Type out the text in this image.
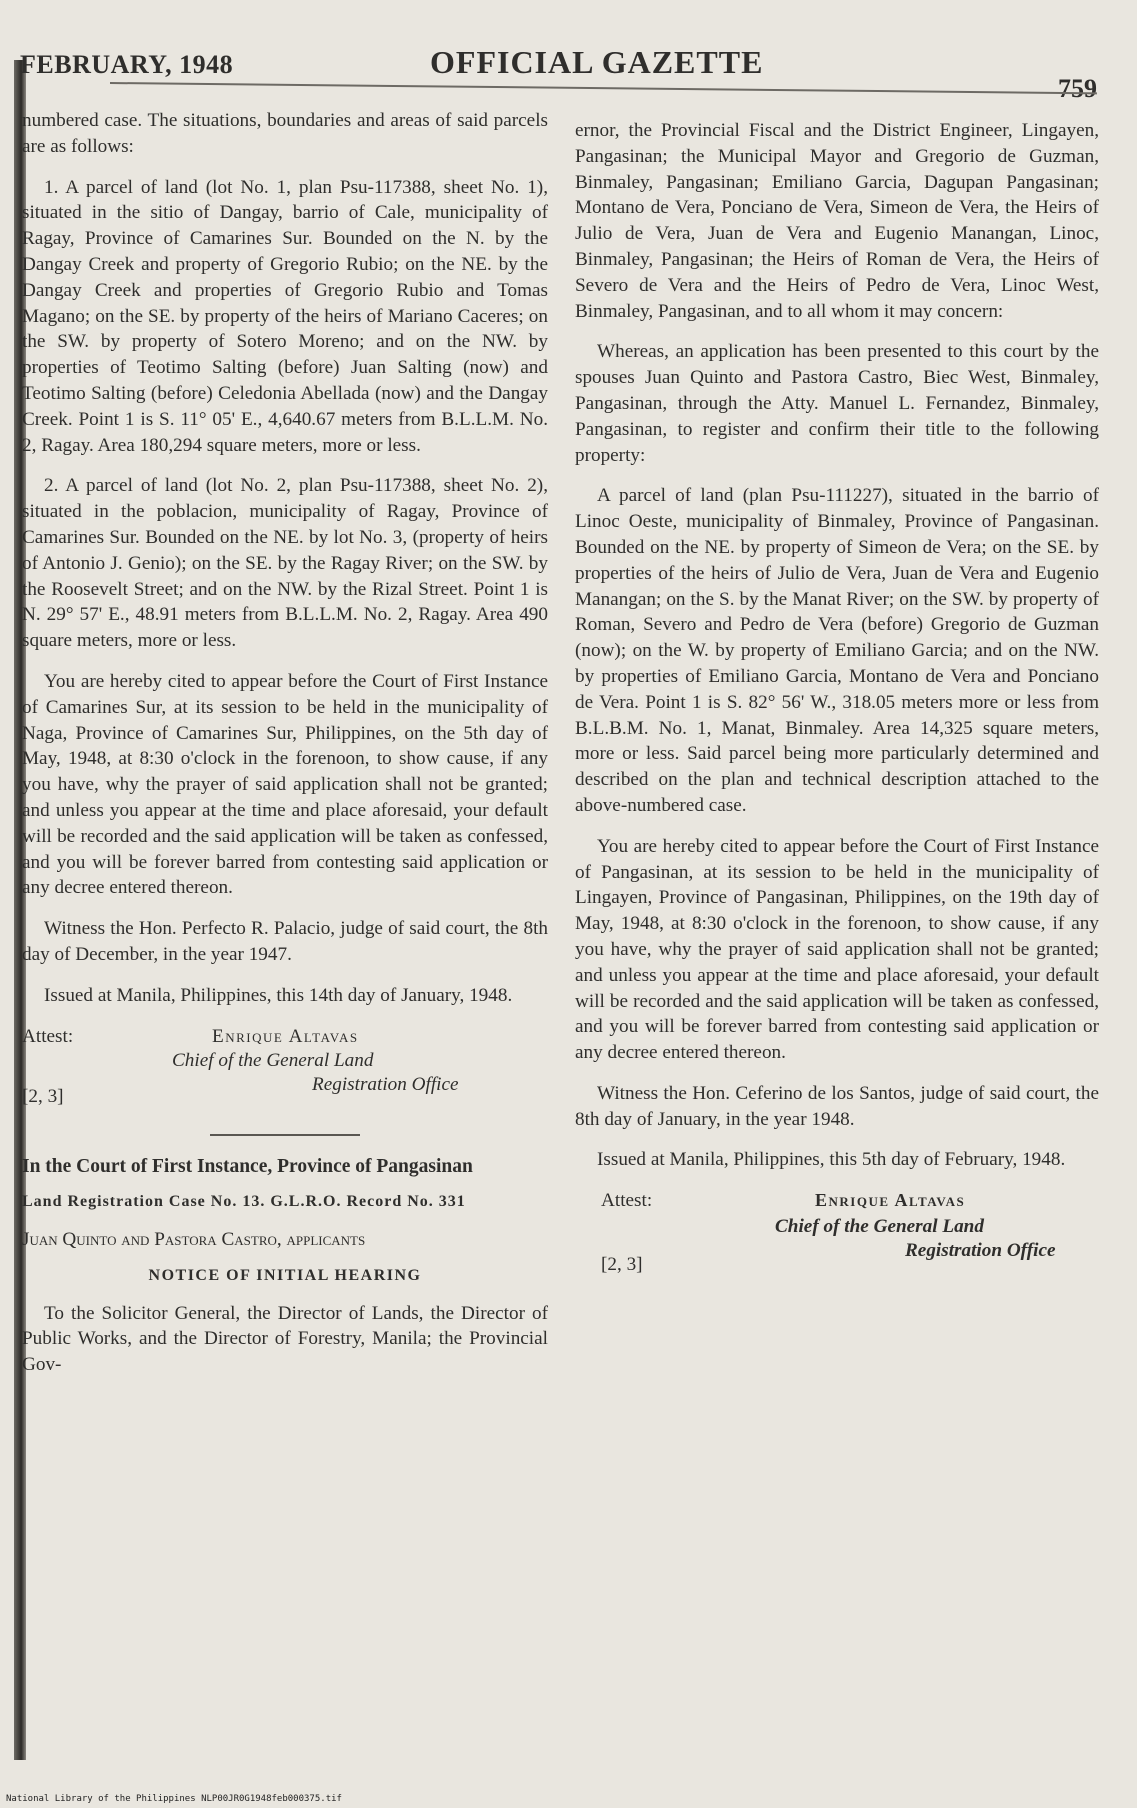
FEBRUARY, 1948	OFFICIAL GAZETTE
759

numbered case. The situations, boundaries and areas of said parcels are as follows:

1. A parcel of land (lot No. 1, plan Psu-117388, sheet No. 1), situated in the sitio of Dangay, barrio of Cale, municipality of Ragay, Province of Camarines Sur. Bounded on the N. by the Dangay Creek and property of Gregorio Rubio; on the NE. by the Dangay Creek and properties of Gregorio Rubio and Tomas Magano; on the SE. by property of the heirs of Mariano Caceres; on the SW. by property of Sotero Moreno; and on the NW. by properties of Teotimo Salting (before) Juan Salting (now) and Teotimo Salting (before) Celedonia Abellada (now) and the Dangay Creek. Point 1 is S. 11° 05' E., 4,640.67 meters from B.L.L.M. No. 2, Ragay. Area 180,294 square meters, more or less.

2. A parcel of land (lot No. 2, plan Psu-117388, sheet No. 2), situated in the poblacion, municipality of Ragay, Province of Camarines Sur. Bounded on the NE. by lot No. 3, (property of heirs of Antonio J. Genio); on the SE. by the Ragay River; on the SW. by the Roosevelt Street; and on the NW. by the Rizal Street. Point 1 is N. 29° 57' E., 48.91 meters from B.L.L.M. No. 2, Ragay. Area 490 square meters, more or less.

You are hereby cited to appear before the Court of First Instance of Camarines Sur, at its session to be held in the municipality of Naga, Province of Camarines Sur, Philippines, on the 5th day of May, 1948, at 8:30 o'clock in the forenoon, to show cause, if any you have, why the prayer of said application shall not be granted; and unless you appear at the time and place aforesaid, your default will be recorded and the said application will be taken as confessed, and you will be forever barred from contesting said application or any decree entered thereon.

Witness the Hon. Perfecto R. Palacio, judge of said court, the 8th day of December, in the year 1947.

Issued at Manila, Philippines, this 14th day of January, 1948.

Attest:	Enrique Altavas
Chief of the General Land
Registration Office
[2, 3]
In the Court of First Instance, Province of Pangasinan
Land Registration Case No. 13. G.L.R.O. Record No. 331
Juan Quinto and Pastora Castro, applicants
NOTICE OF INITIAL HEARING

To the Solicitor General, the Director of Lands, the Director of Public Works, and the Director of Forestry, Manila; the Provincial Gov-

ernor, the Provincial Fiscal and the District Engineer, Lingayen, Pangasinan; the Municipal Mayor and Gregorio de Guzman, Binmaley, Pangasinan; Emiliano Garcia, Dagupan Pangasinan; Montano de Vera, Ponciano de Vera, Simeon de Vera, the Heirs of Julio de Vera, Juan de Vera and Eugenio Manangan, Linoc, Binmaley, Pangasinan; the Heirs of Roman de Vera, the Heirs of Severo de Vera and the Heirs of Pedro de Vera, Linoc West, Binmaley, Pangasinan, and to all whom it may concern:

Whereas, an application has been presented to this court by the spouses Juan Quinto and Pastora Castro, Biec West, Binmaley, Pangasinan, through the Atty. Manuel L. Fernandez, Binmaley, Pangasinan, to register and confirm their title to the following property:

A parcel of land (plan Psu-111227), situated in the barrio of Linoc Oeste, municipality of Binmaley, Province of Pangasinan. Bounded on the NE. by property of Simeon de Vera; on the SE. by properties of the heirs of Julio de Vera, Juan de Vera and Eugenio Manangan; on the S. by the Manat River; on the SW. by property of Roman, Severo and Pedro de Vera (before) Gregorio de Guzman (now); on the W. by property of Emiliano Garcia; and on the NW. by properties of Emiliano Garcia, Montano de Vera and Ponciano de Vera. Point 1 is S. 82° 56' W., 318.05 meters more or less from B.L.B.M. No. 1, Manat, Binmaley. Area 14,325 square meters, more or less. Said parcel being more particularly determined and described on the plan and technical description attached to the above-numbered case.

You are hereby cited to appear before the Court of First Instance of Pangasinan, at its session to be held in the municipality of Lingayen, Province of Pangasinan, Philippines, on the 19th day of May, 1948, at 8:30 o'clock in the forenoon, to show cause, if any you have, why the prayer of said application shall not be granted; and unless you appear at the time and place aforesaid, your default will be recorded and the said application will be taken as confessed, and you will be forever barred from contesting said application or any decree entered thereon.

Witness the Hon. Ceferino de los Santos, judge of said court, the 8th day of January, in the year 1948.

Issued at Manila, Philippines, this 5th day of February, 1948.

Attest:	Enrique Altavas
Chief of the General Land
Registration Office
[2, 3]
National Library of the Philippines NLP00JR0G1948feb000375.tif
